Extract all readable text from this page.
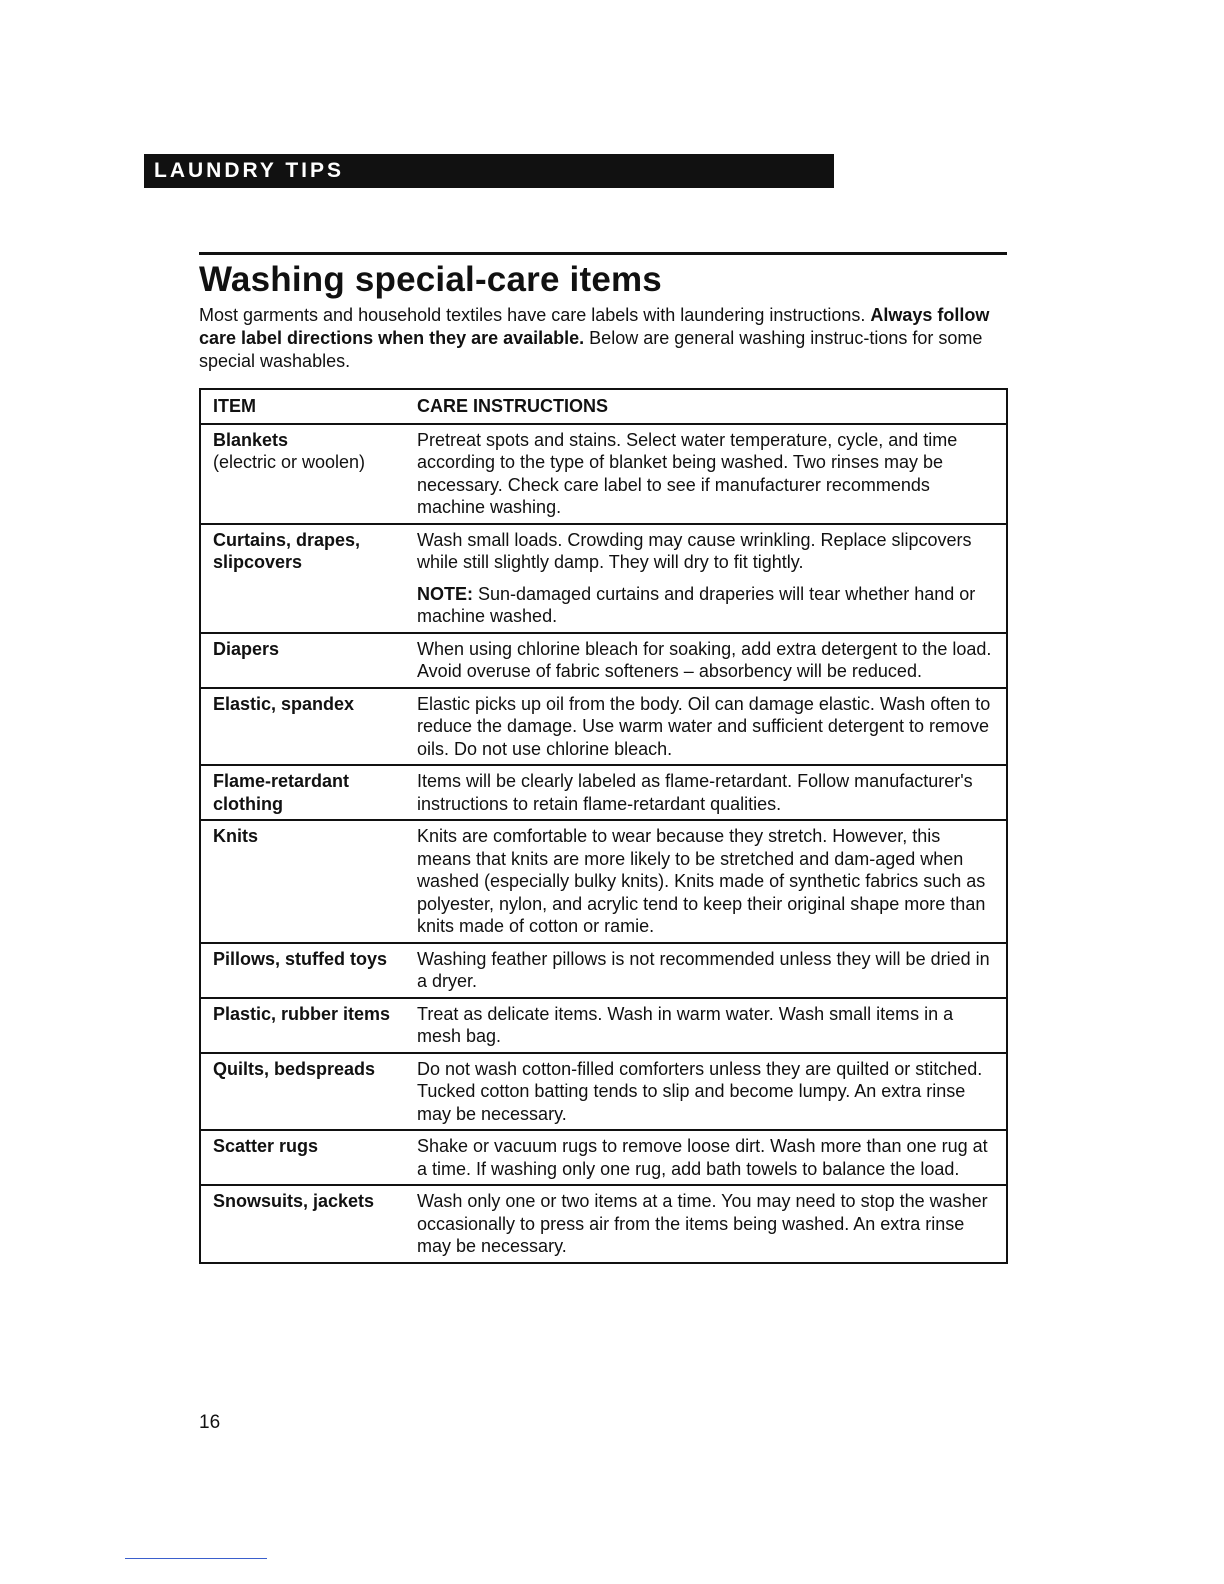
LAUNDRY TIPS
Washing special-care items

Most garments and household textiles have care labels with laundering instructions. Always follow care label directions when they are available. Below are general washing instruc-tions for some special washables.

ITEM	CARE INSTRUCTIONS

Blankets
(electric or woolen)	Pretreat spots and stains. Select water temperature, cycle, and time according to the type of blanket being washed. Two rinses may be necessary. Check care label to see if manufacturer recommends machine washing.

Curtains, drapes, slipcovers	Wash small loads. Crowding may cause wrinkling. Replace slipcovers while still slightly damp. They will dry to fit tightly.

NOTE: Sun-damaged curtains and draperies will tear whether hand or machine washed.

Diapers	When using chlorine bleach for soaking, add extra detergent to the load. Avoid overuse of fabric softeners – absorbency will be reduced.

Elastic, spandex	Elastic picks up oil from the body. Oil can damage elastic. Wash often to reduce the damage. Use warm water and sufficient detergent to remove oils. Do not use chlorine bleach.

Flame-retardant clothing	Items will be clearly labeled as flame-retardant. Follow manufacturer's instructions to retain flame-retardant qualities.

Knits	Knits are comfortable to wear because they stretch. However, this means that knits are more likely to be stretched and dam-aged when washed (especially bulky knits). Knits made of synthetic fabrics such as polyester, nylon, and acrylic tend to keep their original shape more than knits made of cotton or ramie.

Pillows, stuffed toys	Washing feather pillows is not recommended unless they will be dried in a dryer.

Plastic, rubber items	Treat as delicate items. Wash in warm water. Wash small items in a mesh bag.

Quilts, bedspreads	Do not wash cotton-filled comforters unless they are quilted or stitched. Tucked cotton batting tends to slip and become lumpy. An extra rinse may be necessary.

Scatter rugs	Shake or vacuum rugs to remove loose dirt. Wash more than one rug at a time. If washing only one rug, add bath towels to balance the load.

Snowsuits, jackets	Wash only one or two items at a time. You may need to stop the washer occasionally to press air from the items being washed. An extra rinse may be necessary.

16
